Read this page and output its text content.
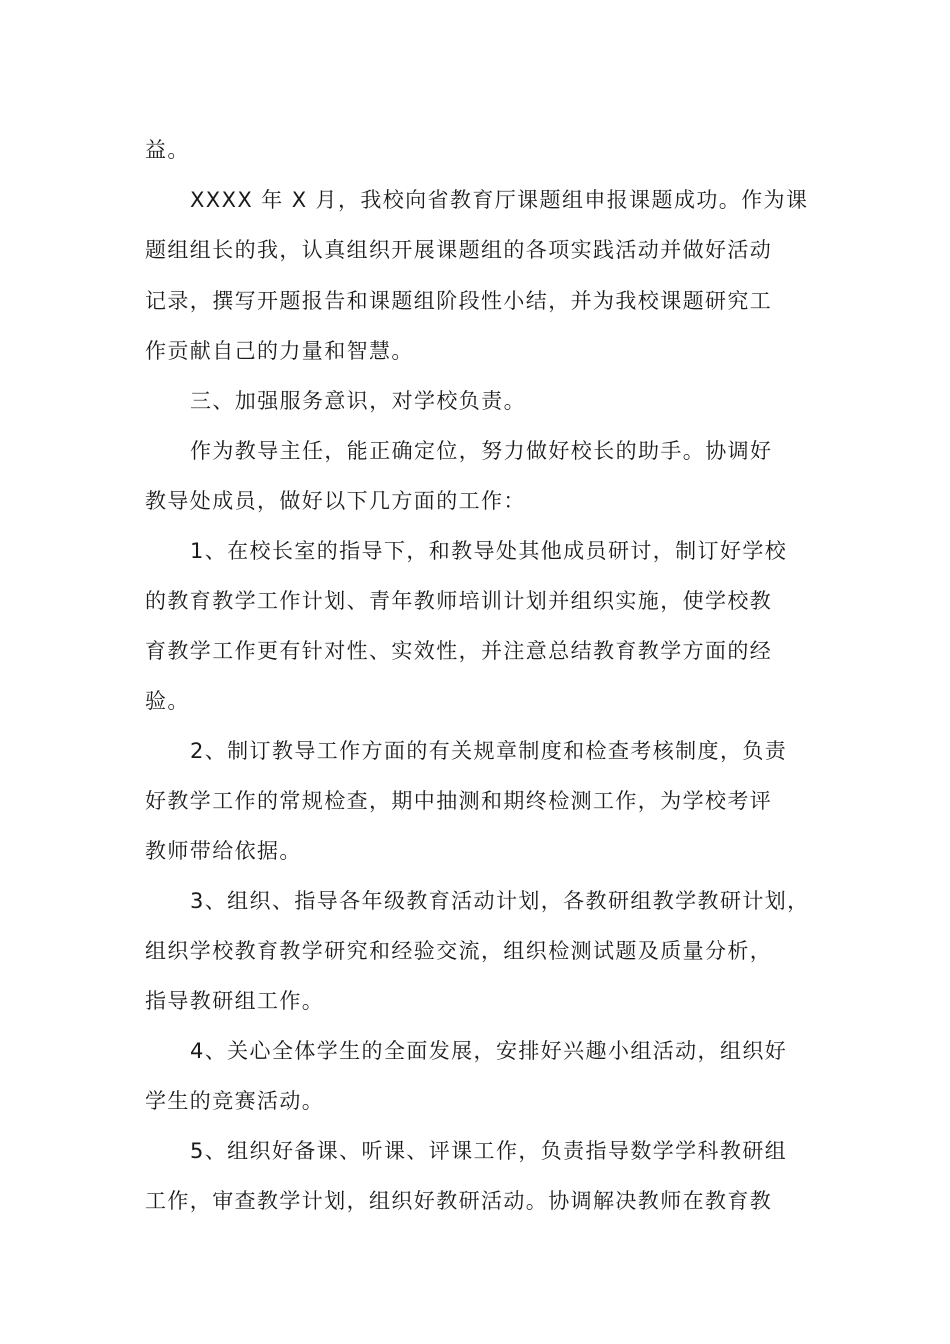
益。
XXXX 年 X 月，我校向省教育厅课题组申报课题成功。作为课
题组组长的我，认真组织开展课题组的各项实践活动并做好活动
记录，撰写开题报告和课题组阶段性小结，并为我校课题研究工
作贡献自己的力量和智慧。
三、加强服务意识，对学校负责。
作为教导主任，能正确定位，努力做好校长的助手。协调好
教导处成员，做好以下几方面的工作：
1、在校长室的指导下，和教导处其他成员研讨，制订好学校
的教育教学工作计划、青年教师培训计划并组织实施，使学校教
育教学工作更有针对性、实效性，并注意总结教育教学方面的经
验。
2、制订教导工作方面的有关规章制度和检查考核制度，负责
好教学工作的常规检查，期中抽测和期终检测工作，为学校考评
教师带给依据。
3、组织、指导各年级教育活动计划，各教研组教学教研计划，
组织学校教育教学研究和经验交流，组织检测试题及质量分析，
指导教研组工作。
4、关心全体学生的全面发展，安排好兴趣小组活动，组织好
学生的竞赛活动。
5、组织好备课、听课、评课工作，负责指导数学学科教研组
工作，审查教学计划，组织好教研活动。协调解决教师在教育教
